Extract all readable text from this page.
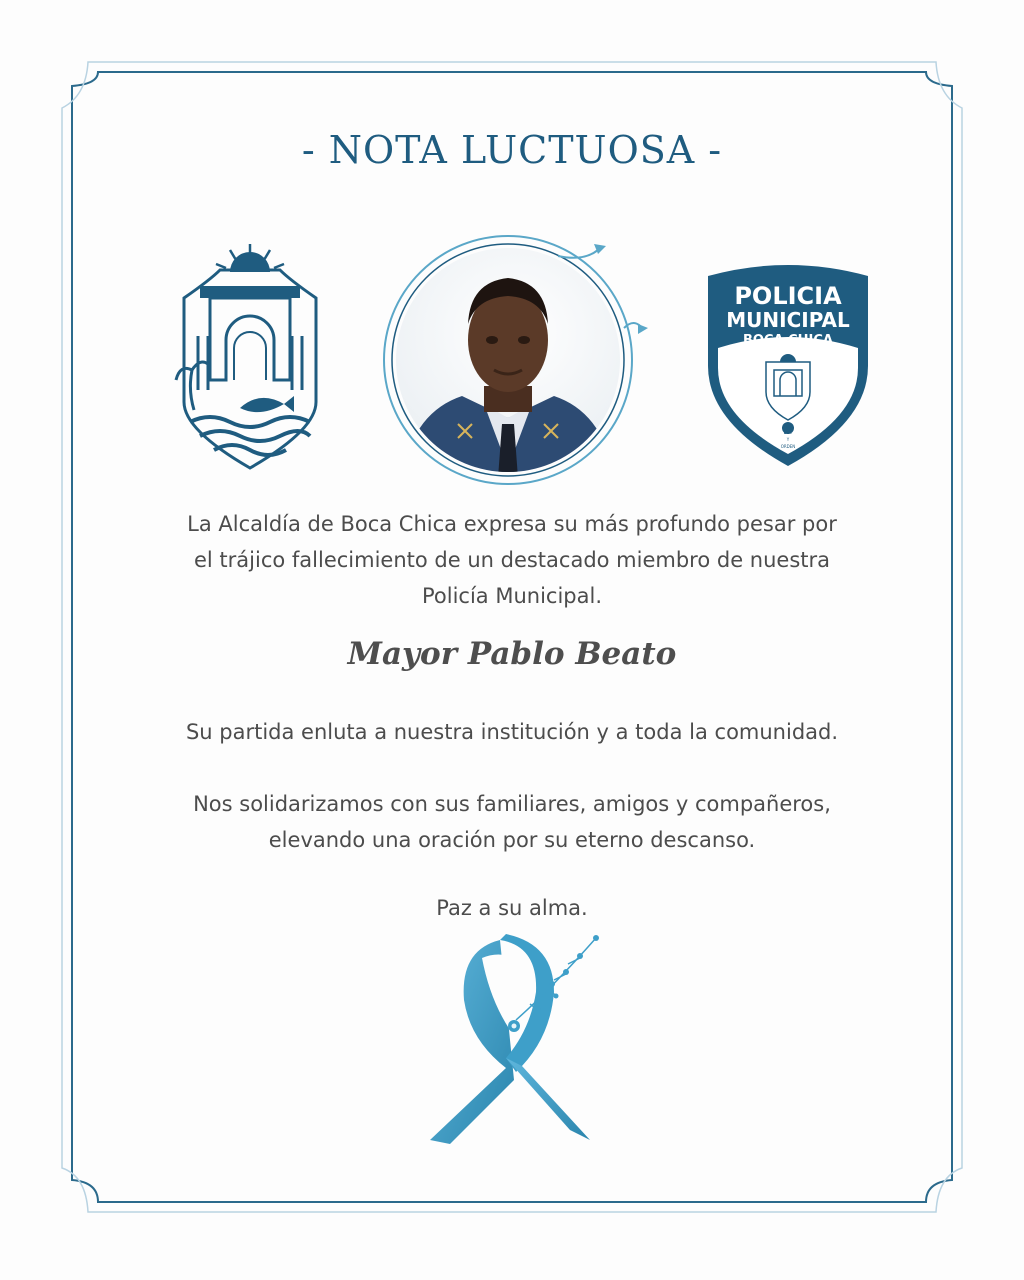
- NOTA LUCTUOSA -
POLICIA
MUNICIPAL
BOCA CHICA
LEY
Y
ORDEN
La Alcaldía de Boca Chica expresa su más profundo pesar por
el trájico fallecimiento de un destacado miembro de nuestra
Policía Municipal.
Mayor Pablo Beato
Su partida enluta a nuestra institución y a toda la comunidad.
Nos solidarizamos con sus familiares, amigos y compañeros,
elevando una oración por su eterno descanso.
Paz a su alma.
